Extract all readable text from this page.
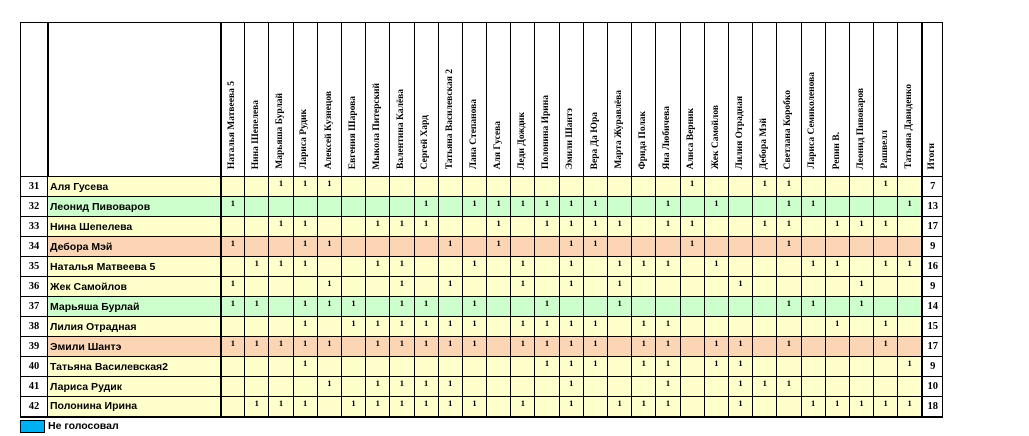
		Наталья Матвеева 5	Нина Шепелева	Марьяша Бурлай	Лариса Рудик	Алексей Кузнецов	Евгения Шарова	Мыкола Питерский	Валентина Калёва	Сергей Хард	Татьяна Василевская 2	Лана Степанова	Аля Гусева	Леди Дождик	Полонина Ирина	Эмили Шантэ	Вера Да Юра	Марта Журавлёва	Фрида Полак	Яна Любичева	Алиса Верник	Жек Самойлов	Лилия Отрадная	Дебора Мэй	Светлана Коробко	Лариса Семиколенова	Репин В.	Леонид Пивоваров	Рашвелл	Татьяна Давиденко	Итоги
31	Аля Гусева			1	1	1															1			1	1				1		7
32	Леонид Пивоваров	1								1		1	1	1	1	1	1			1		1			1	1				1	13
33	Нина Шепелева			1	1			1	1	1			1		1	1	1	1		1	1			1	1		1	1	1		17
34	Дебора Мэй	1			1	1					1		1			1	1				1				1						9
35	Наталья Матвеева 5		1	1	1			1	1			1		1		1		1	1	1		1				1	1		1	1	16
36	Жек Самойлов	1				1			1		1			1		1		1					1					1			9
37	Марьяша Бурлай	1	1		1	1	1		1	1		1			1			1							1	1		1			14
38	Лилия Отрадная				1		1	1	1	1	1	1		1	1	1	1		1	1							1		1		15
39	Эмили Шантэ	1	1	1	1	1		1	1	1	1	1		1	1	1	1		1	1		1	1		1				1		17
40	Татьяна Василевская2				1										1	1	1		1	1		1	1							1	9
41	Лариса Рудик					1		1	1	1	1					1				1			1	1	1						10
42	Полонина Ирина		1	1	1		1	1	1	1	1	1		1		1		1	1	1			1			1	1	1	1	1	18
Не голосовал
